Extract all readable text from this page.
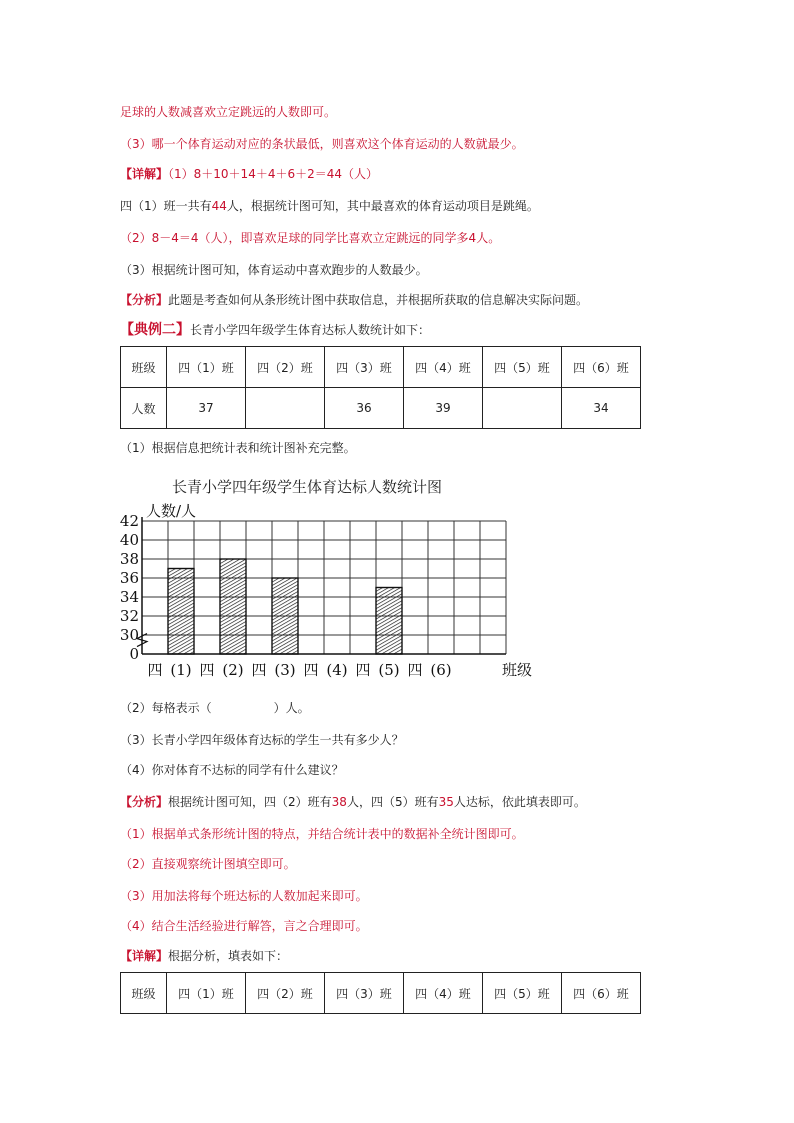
足球的人数减喜欢立定跳远的人数即可。
（3）哪一个体育运动对应的条状最低，则喜欢这个体育运动的人数就最少。
【详解】（1）8＋10＋14＋4＋6＋2＝44（人）
四（1）班一共有44人，根据统计图可知，其中最喜欢的体育运动项目是跳绳。
（2）8－4＝4（人），即喜欢足球的同学比喜欢立定跳远的同学多4人。
（3）根据统计图可知，体育运动中喜欢跑步的人数最少。
【分析】此题是考查如何从条形统计图中获取信息，并根据所获取的信息解决实际问题。
【典例二】长青小学四年级学生体育达标人数统计如下：
班级	四（1）班	四（2）班	四（3）班	四（4）班	四（5）班	四（6）班
人数	37		36	39		34
（1）根据信息把统计表和统计图补充完整。
长青小学四年级学生体育达标人数统计图
0
30
32
34
36
38
40
42
人数/人
四 (1) 四 (2) 四 (3) 四 (4) 四 (5) 四 (6)	班级
（2）每格表示（	）人。
（3）长青小学四年级体育达标的学生一共有多少人？
（4）你对体育不达标的同学有什么建议？
【分析】根据统计图可知，四（2）班有38人，四（5）班有35人达标，依此填表即可。
（1）根据单式条形统计图的特点，并结合统计表中的数据补全统计图即可。
（2）直接观察统计图填空即可。
（3）用加法将每个班达标的人数加起来即可。
（4）结合生活经验进行解答，言之合理即可。
【详解】根据分析，填表如下：
班级	四（1）班	四（2）班	四（3）班	四（4）班	四（5）班	四（6）班
